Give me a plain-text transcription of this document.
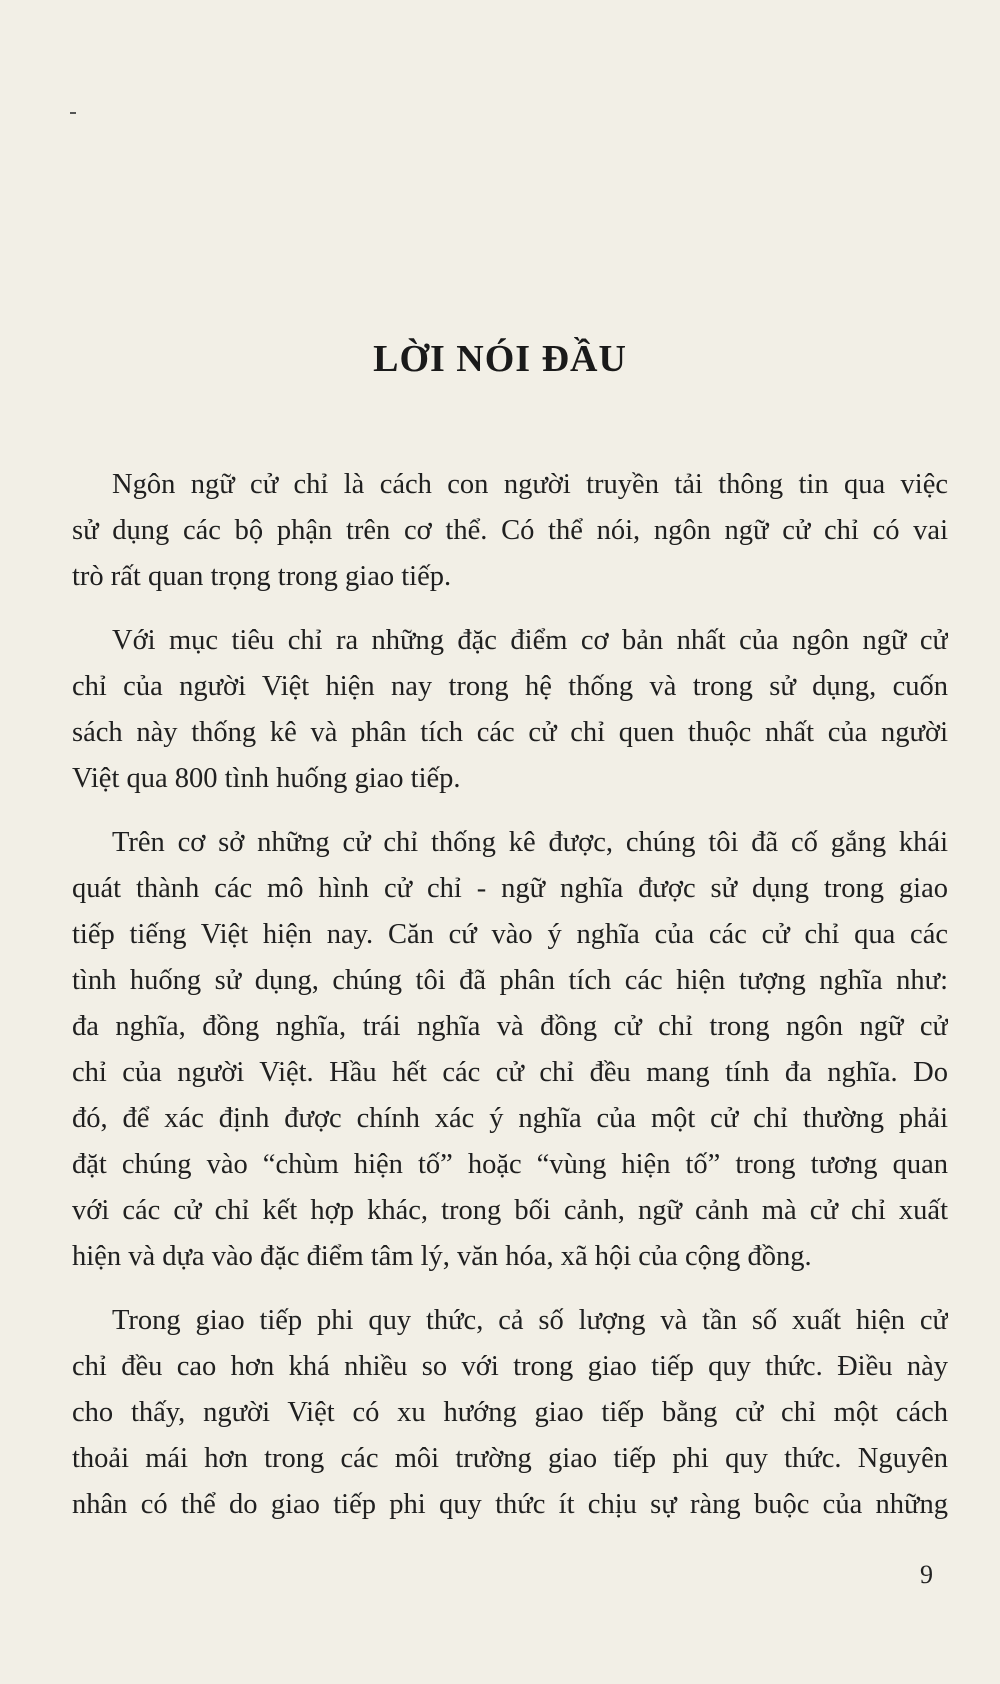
LỜI NÓI ĐẦU
Ngôn ngữ cử chỉ là cách con người truyền tải thông tin qua việc
sử dụng các bộ phận trên cơ thể. Có thể nói, ngôn ngữ cử chỉ có vai
trò rất quan trọng trong giao tiếp.
Với mục tiêu chỉ ra những đặc điểm cơ bản nhất của ngôn ngữ cử
chỉ của người Việt hiện nay trong hệ thống và trong sử dụng, cuốn
sách này thống kê và phân tích các cử chỉ quen thuộc nhất của người
Việt qua 800 tình huống giao tiếp.
Trên cơ sở những cử chỉ thống kê được, chúng tôi đã cố gắng khái
quát thành các mô hình cử chỉ - ngữ nghĩa được sử dụng trong giao
tiếp tiếng Việt hiện nay. Căn cứ vào ý nghĩa của các cử chỉ qua các
tình huống sử dụng, chúng tôi đã phân tích các hiện tượng nghĩa như:
đa nghĩa, đồng nghĩa, trái nghĩa và đồng cử chỉ trong ngôn ngữ cử
chỉ của người Việt. Hầu hết các cử chỉ đều mang tính đa nghĩa. Do
đó, để xác định được chính xác ý nghĩa của một cử chỉ thường phải
đặt chúng vào “chùm hiện tố” hoặc “vùng hiện tố” trong tương quan
với các cử chỉ kết hợp khác, trong bối cảnh, ngữ cảnh mà cử chỉ xuất
hiện và dựa vào đặc điểm tâm lý, văn hóa, xã hội của cộng đồng.
Trong giao tiếp phi quy thức, cả số lượng và tần số xuất hiện cử
chỉ đều cao hơn khá nhiều so với trong giao tiếp quy thức. Điều này
cho thấy, người Việt có xu hướng giao tiếp bằng cử chỉ một cách
thoải mái hơn trong các môi trường giao tiếp phi quy thức. Nguyên
nhân có thể do giao tiếp phi quy thức ít chịu sự ràng buộc của những
9
